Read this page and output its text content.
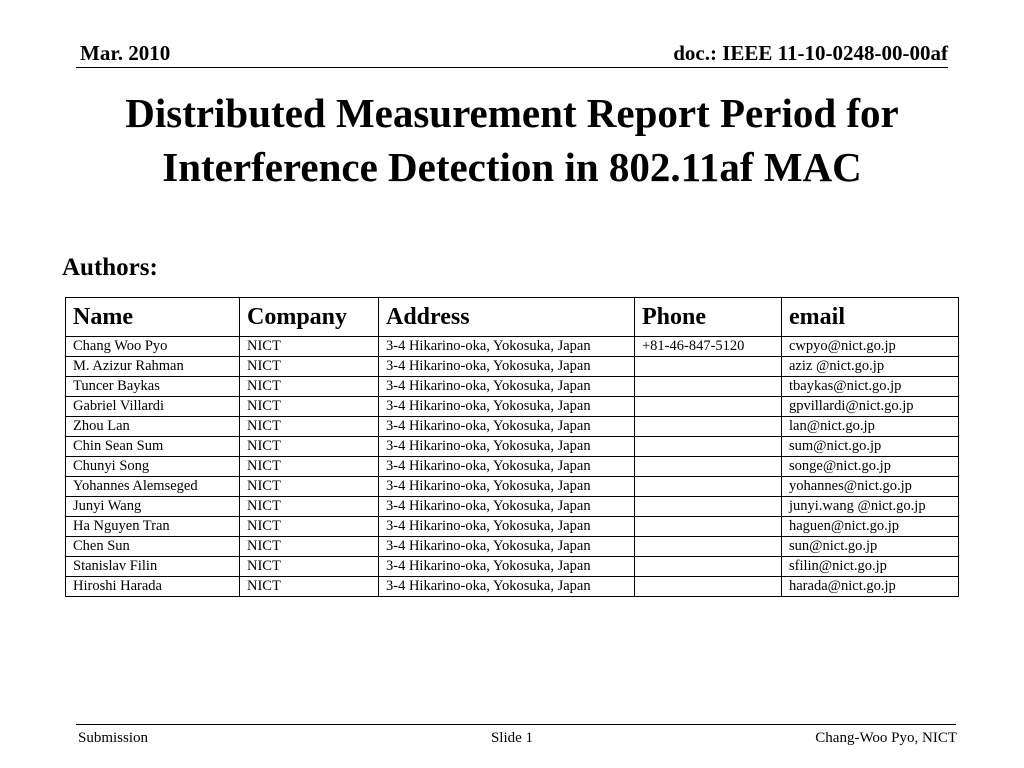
Mar. 2010	doc.: IEEE 11-10-0248-00-00af
Distributed Measurement Report Period for
Interference Detection in 802.11af MAC
Authors:
Name	Company	Address	Phone	email
Chang Woo Pyo	NICT	3-4 Hikarino-oka, Yokosuka, Japan	+81-46-847-5120	cwpyo@nict.go.jp
M. Azizur Rahman	NICT	3-4 Hikarino-oka, Yokosuka, Japan		aziz @nict.go.jp
Tuncer Baykas	NICT	3-4 Hikarino-oka, Yokosuka, Japan		tbaykas@nict.go.jp
Gabriel Villardi	NICT	3-4 Hikarino-oka, Yokosuka, Japan		gpvillardi@nict.go.jp
Zhou Lan	NICT	3-4 Hikarino-oka, Yokosuka, Japan		lan@nict.go.jp
Chin Sean Sum	NICT	3-4 Hikarino-oka, Yokosuka, Japan		sum@nict.go.jp
Chunyi Song	NICT	3-4 Hikarino-oka, Yokosuka, Japan		songe@nict.go.jp
Yohannes Alemseged	NICT	3-4 Hikarino-oka, Yokosuka, Japan		yohannes@nict.go.jp
Junyi Wang	NICT	3-4 Hikarino-oka, Yokosuka, Japan		junyi.wang @nict.go.jp
Ha Nguyen Tran	NICT	3-4 Hikarino-oka, Yokosuka, Japan		haguen@nict.go.jp
Chen Sun	NICT	3-4 Hikarino-oka, Yokosuka, Japan		sun@nict.go.jp
Stanislav Filin	NICT	3-4 Hikarino-oka, Yokosuka, Japan		sfilin@nict.go.jp
Hiroshi Harada	NICT	3-4 Hikarino-oka, Yokosuka, Japan		harada@nict.go.jp
Submission	Slide 1	Chang-Woo Pyo, NICT
